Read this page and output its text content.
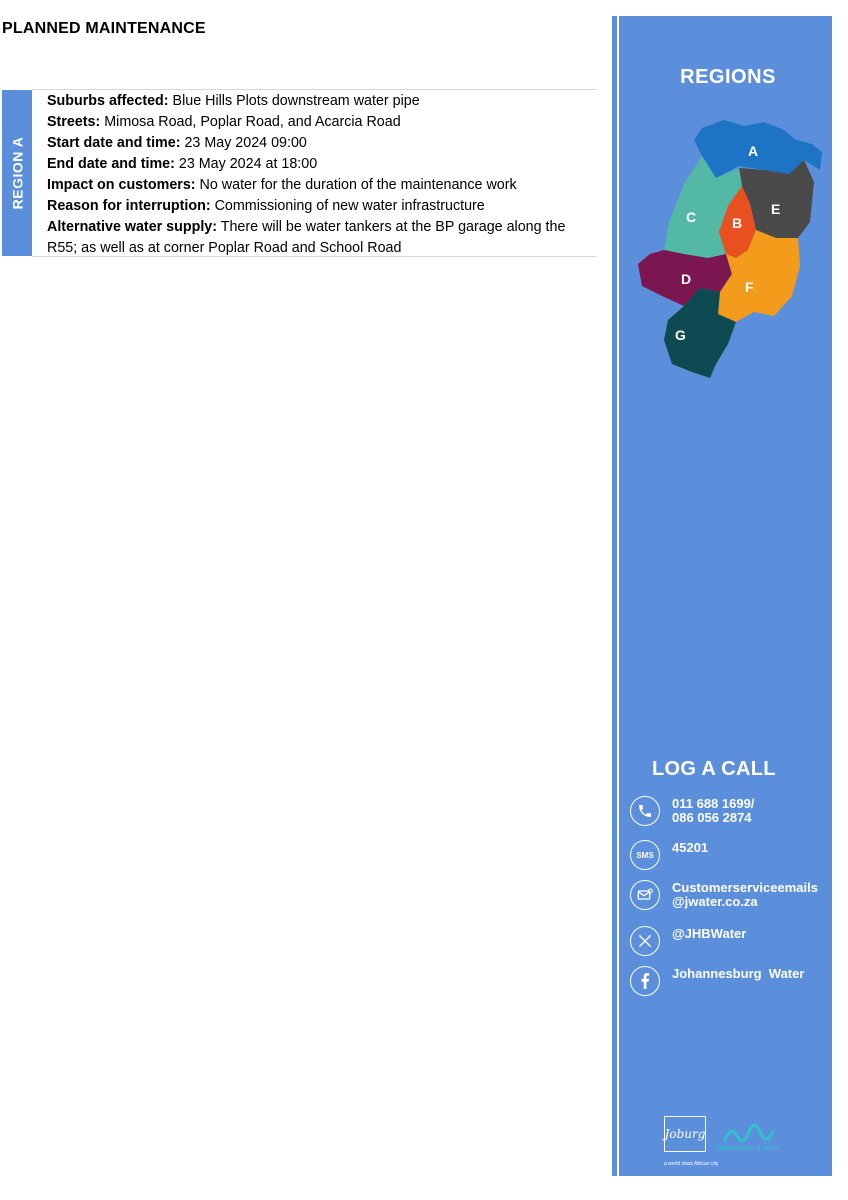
PLANNED MAINTENANCE
REGION A
Suburbs affected: Blue Hills Plots downstream water pipe
Streets: Mimosa Road, Poplar Road, and Acarcia Road
Start date and time: 23 May 2024 09:00
End date and time: 23 May 2024 at 18:00
Impact on customers: No water for the duration of the maintenance work
Reason for interruption: Commissioning of new water infrastructure
Alternative water supply: There will be water tankers at the BP garage along the R55; as well as at corner Poplar Road and School Road
REGIONS
A
B
C
D
E
F
G
LOG A CALL
011 688 1699/
086 056 2874
SMS 45201
Customerserviceemails
@jwater.co.za
@JHBWater
Johannesburg  Water
Joburg
Johannesburg Water
a world class African city
